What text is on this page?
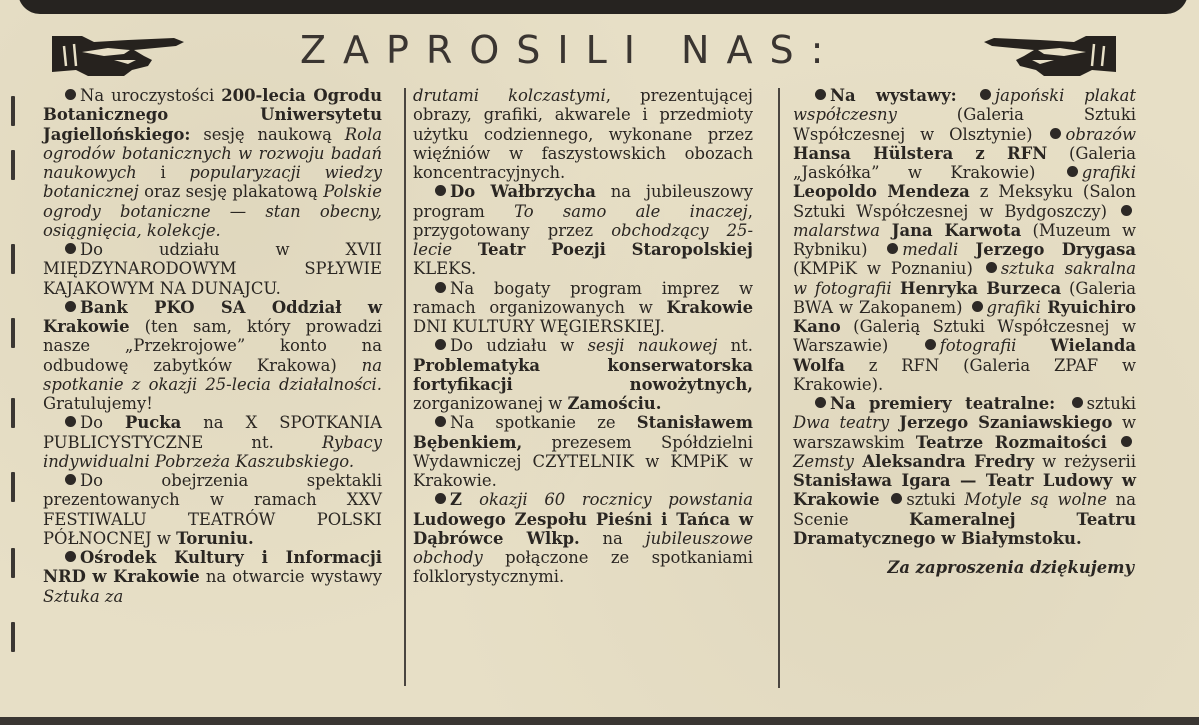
ZAPROSILI NAS:

Na uroczystości 200-lecia Ogrodu Botanicznego Uniwersytetu Jagiellońskiego: sesję naukową Rola ogrodów botanicznych w rozwoju badań naukowych i popularyzacji wiedzy botanicznej oraz sesję plakatową Polskie ogrody botaniczne — stan obecny, osiągnięcia, kolekcje.

Do udziału w XVII MIĘDZYNARODOWYM SPŁYWIE KAJAKOWYM NA DUNAJCU.

Bank PKO SA Oddział w Krakowie (ten sam, który prowadzi nasze „Przekrojowe” konto na odbudowę zabytków Krakowa) na spotkanie z okazji 25-lecia działalności. Gratulujemy!

Do Pucka na X SPOTKANIA PUBLICYSTYCZNE nt. Rybacy indywidualni Pobrzeża Kaszubskiego.

Do obejrzenia spektakli prezentowanych w ramach XXV FESTIWALU TEATRÓW POLSKI PÓŁNOCNEJ w Toruniu.

Ośrodek Kultury i Informacji NRD w Krakowie na otwarcie wystawy Sztuka za

drutami kolczastymi, prezentującej obrazy, grafiki, akwarele i przedmioty użytku codziennego, wykonane przez więźniów w faszystowskich obozach koncentracyjnych.

Do Wałbrzycha na jubileuszowy program To samo ale inaczej, przygotowany przez obchodzący 25-lecie Teatr Poezji Staropolskiej KLEKS.

Na bogaty program imprez w ramach organizowanych w Krakowie DNI KULTURY WĘGIERSKIEJ.

Do udziału w sesji naukowej nt. Problematyka konserwatorska fortyfikacji nowożytnych, zorganizowanej w Zamościu.

Na spotkanie ze Stanisławem Bębenkiem, prezesem Spółdzielni Wydawniczej CZYTELNIK w KMPiK w Krakowie.

Z okazji 60 rocznicy powstania Ludowego Zespołu Pieśni i Tańca w Dąbrówce Wlkp. na jubileuszowe obchody połączone ze spotkaniami folklorystycznymi.

Na wystawy: japoński plakat współczesny (Galeria Sztuki Współczesnej w Olsztynie) obrazów Hansa Hülstera z RFN (Galeria „Jaskółka” w Krakowie) grafiki Leopoldo Mendeza z Meksyku (Salon Sztuki Współczesnej w Bydgoszczy) malarstwa Jana Karwota (Muzeum w Rybniku) medali Jerzego Drygasa (KMPiK w Poznaniu) sztuka sakralna w fotografii Henryka Burzeca (Galeria BWA w Zakopanem) grafiki Ryuichiro Kano (Galerią Sztuki Współczesnej w Warszawie) fotografii Wielanda Wolfa z RFN (Galeria ZPAF w Krakowie).

Na premiery teatralne: sztuki Dwa teatry Jerzego Szaniawskiego w warszawskim Teatrze Rozmaitości Zemsty Aleksandra Fredry w reżyserii Stanisława Igara — Teatr Ludowy w Krakowie sztuki Motyle są wolne na Scenie Kameralnej Teatru Dramatycznego w Białymstoku.

Za zaproszenia dziękujemy
